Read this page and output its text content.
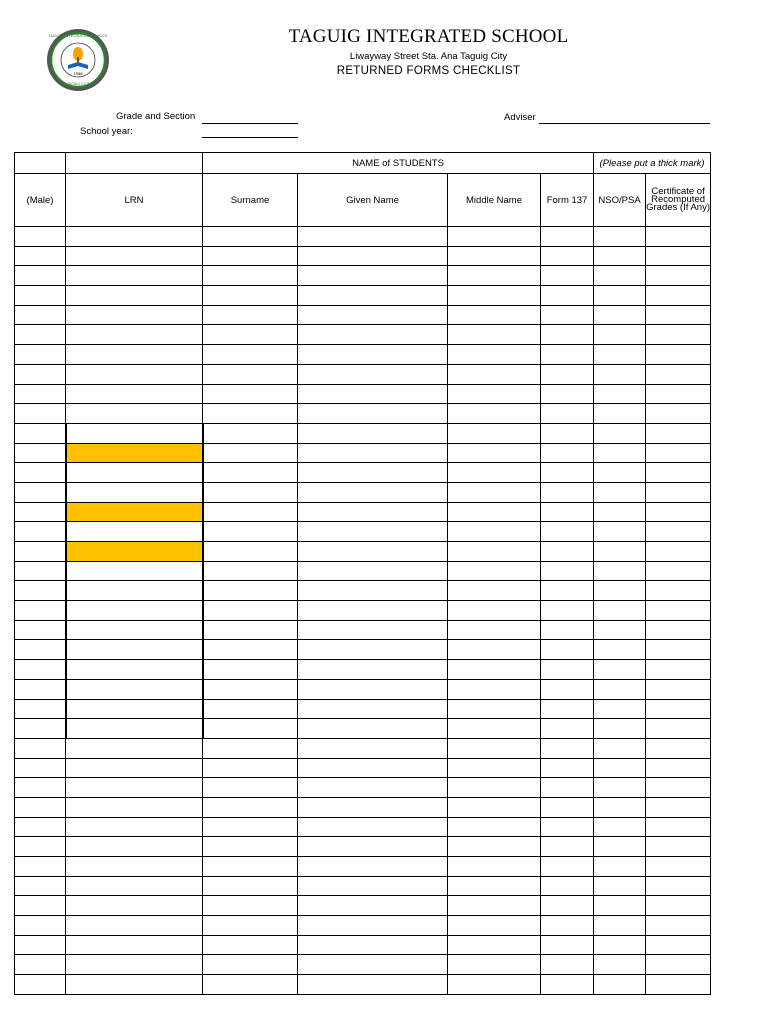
1958
TAGUIG INTEGRATED SCHOOL
TAGUIG CITY
TAGUIG INTEGRATED SCHOOL
Liwayway Street Sta. Ana Taguig City
RETURNED FORMS CHECKLIST
Grade and Section
School year:
Adviser
		NAME of STUDENTS				(Please put a thick mark)	
(Male)	LRN	Surname	Given Name	Middle Name	Form 137	NSO/PSA	Certificate of Recomputed Grades (If Any)
